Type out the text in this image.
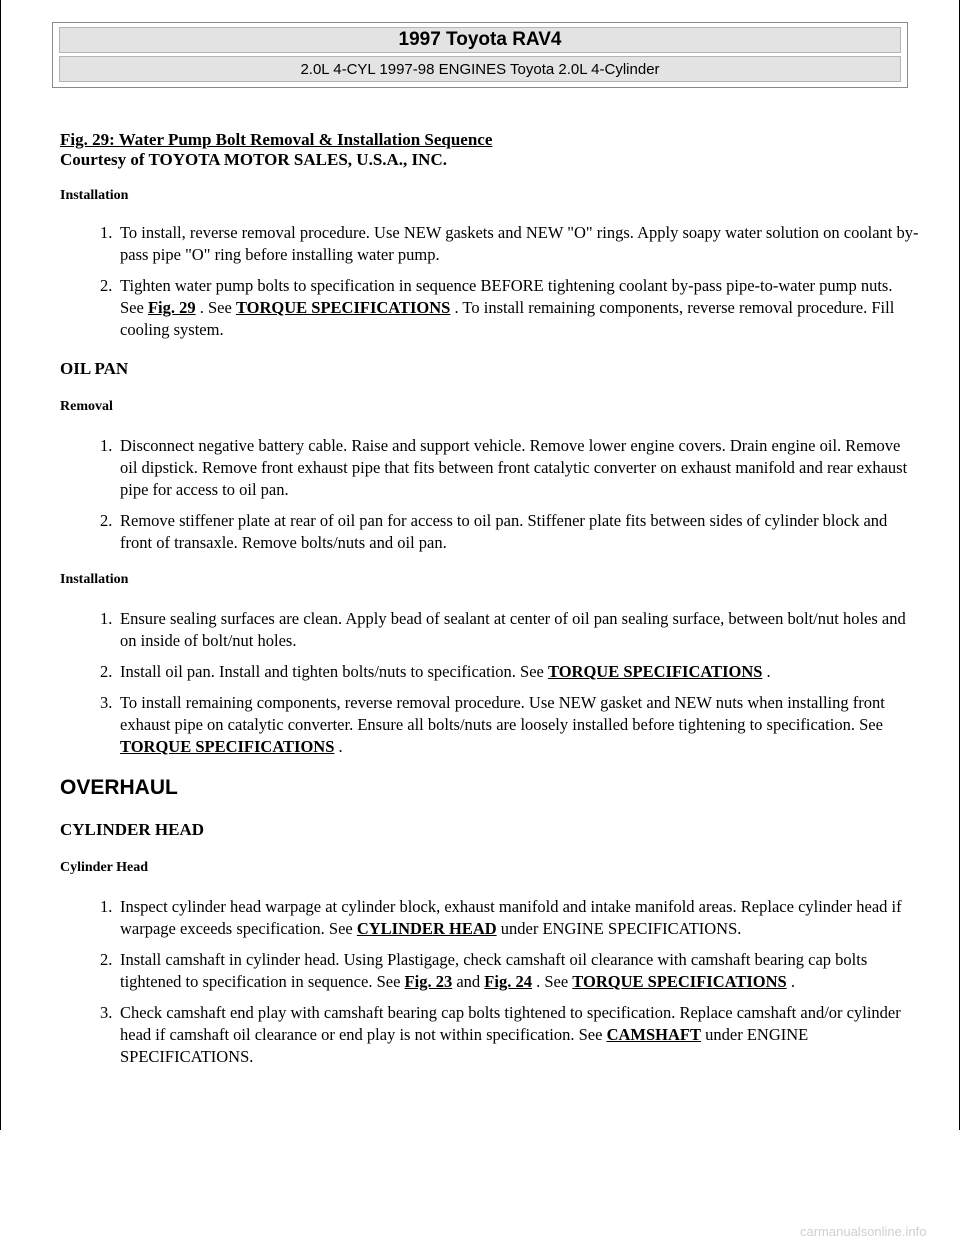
1997 Toyota RAV4
2.0L 4-CYL 1997-98 ENGINES Toyota 2.0L 4-Cylinder
Fig. 29: Water Pump Bolt Removal & Installation Sequence
Courtesy of TOYOTA MOTOR SALES, U.S.A., INC.
Installation
1. To install, reverse removal procedure. Use NEW gaskets and NEW "O" rings. Apply soapy water solution on coolant by-pass pipe "O" ring before installing water pump.
2. Tighten water pump bolts to specification in sequence BEFORE tightening coolant by-pass pipe-to-water pump nuts. See Fig. 29 . See TORQUE SPECIFICATIONS . To install remaining components, reverse removal procedure. Fill cooling system.
OIL PAN
Removal
1. Disconnect negative battery cable. Raise and support vehicle. Remove lower engine covers. Drain engine oil. Remove oil dipstick. Remove front exhaust pipe that fits between front catalytic converter on exhaust manifold and rear exhaust pipe for access to oil pan.
2. Remove stiffener plate at rear of oil pan for access to oil pan. Stiffener plate fits between sides of cylinder block and front of transaxle. Remove bolts/nuts and oil pan.
Installation
1. Ensure sealing surfaces are clean. Apply bead of sealant at center of oil pan sealing surface, between bolt/nut holes and on inside of bolt/nut holes.
2. Install oil pan. Install and tighten bolts/nuts to specification. See TORQUE SPECIFICATIONS .
3. To install remaining components, reverse removal procedure. Use NEW gasket and NEW nuts when installing front exhaust pipe on catalytic converter. Ensure all bolts/nuts are loosely installed before tightening to specification. See TORQUE SPECIFICATIONS .
OVERHAUL
CYLINDER HEAD
Cylinder Head
1. Inspect cylinder head warpage at cylinder block, exhaust manifold and intake manifold areas. Replace cylinder head if warpage exceeds specification. See CYLINDER HEAD under ENGINE SPECIFICATIONS.
2. Install camshaft in cylinder head. Using Plastigage, check camshaft oil clearance with camshaft bearing cap bolts tightened to specification in sequence. See Fig. 23 and Fig. 24 . See TORQUE SPECIFICATIONS .
3. Check camshaft end play with camshaft bearing cap bolts tightened to specification. Replace camshaft and/or cylinder head if camshaft oil clearance or end play is not within specification. See CAMSHAFT under ENGINE SPECIFICATIONS.
carmanualsonline.info
